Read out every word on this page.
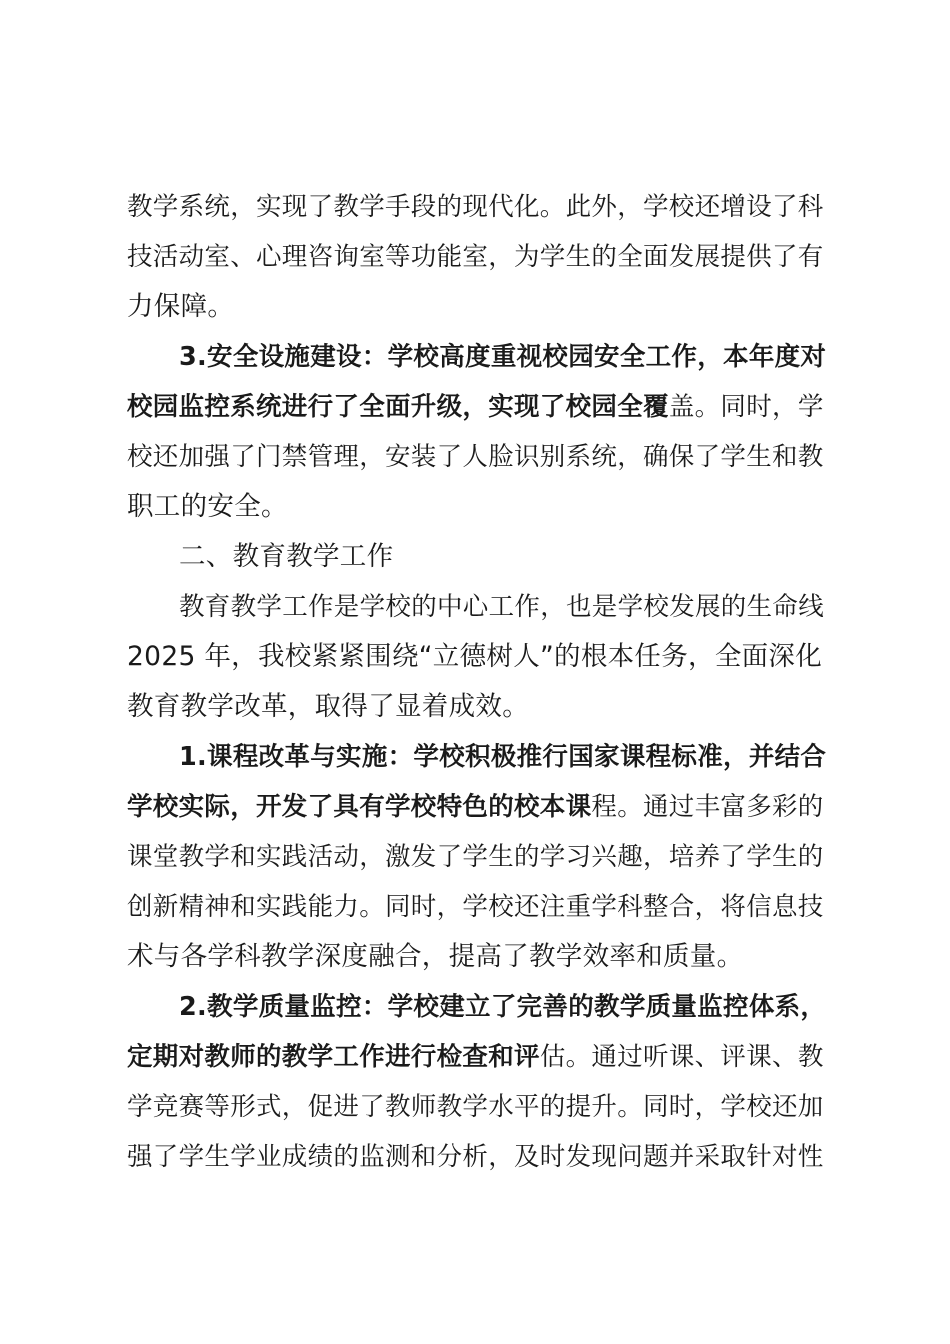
教学系统，实现了教学手段的现代化。此外，学校还增设了科
技活动室、心理咨询室等功能室，为学生的全面发展提供了有
力保障。
3.安全设施建设：学校高度重视校园安全工作，本年度对
校园监控系统进行了全面升级，实现了校园全覆盖。同时，学
校还加强了门禁管理，安装了人脸识别系统，确保了学生和教
职工的安全。
二、教育教学工作
教育教学工作是学校的中心工作，也是学校发展的生命线
2025 年，我校紧紧围绕“立德树人”的根本任务，全面深化
教育教学改革，取得了显着成效。
1.课程改革与实施：学校积极推行国家课程标准，并结合
学校实际，开发了具有学校特色的校本课程。通过丰富多彩的
课堂教学和实践活动，激发了学生的学习兴趣，培养了学生的
创新精神和实践能力。同时，学校还注重学科整合，将信息技
术与各学科教学深度融合，提高了教学效率和质量。
2.教学质量监控：学校建立了完善的教学质量监控体系，
定期对教师的教学工作进行检查和评估。通过听课、评课、教
学竞赛等形式，促进了教师教学水平的提升。同时，学校还加
强了学生学业成绩的监测和分析，及时发现问题并采取针对性
